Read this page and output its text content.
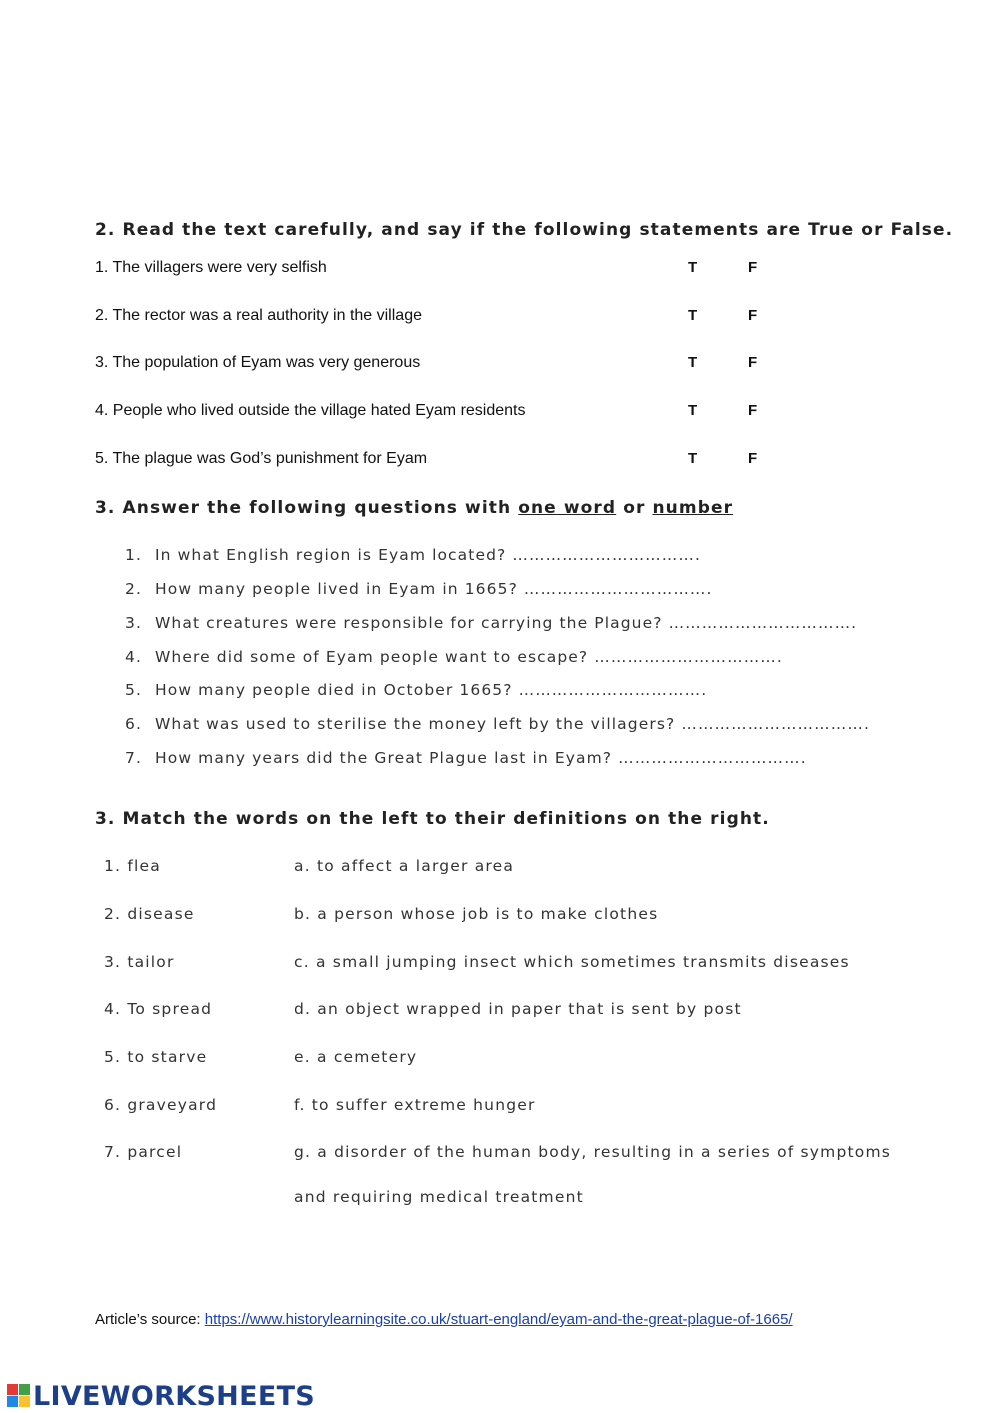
2. Read the text carefully, and say if the following statements are True or False.
1. The villagers were very selfish	T	F
2. The rector was a real authority in the village	T	F
3. The population of Eyam was very generous	T	F
4. People who lived outside the village hated Eyam residents	T	F
5. The plague was God’s punishment for Eyam	T	F
3. Answer the following questions with one word or number
1. In what English region is Eyam located? …………………………….
2. How many people lived in Eyam in 1665? …………………………….
3. What creatures were responsible for carrying the Plague? …………………………….
4. Where did some of Eyam people want to escape? …………………………….
5. How many people died in October 1665? …………………………….
6. What was used to sterilise the money left by the villagers? …………………………….
7. How many years did the Great Plague last in Eyam? …………………………….
3. Match the words on the left to their definitions on the right.
1. flea	a. to affect a larger area
2. disease	b. a person whose job is to make clothes
3. tailor	c. a small jumping insect which sometimes transmits diseases
4. To spread	d. an object wrapped in paper that is sent by post
5. to starve	e. a cemetery
6. graveyard	f. to suffer extreme hunger
7. parcel	g. a disorder of the human body, resulting in a series of symptoms
and requiring medical treatment
Article’s source: https://www.historylearningsite.co.uk/stuart-england/eyam-and-the-great-plague-of-1665/
LIVEWORKSHEETS
